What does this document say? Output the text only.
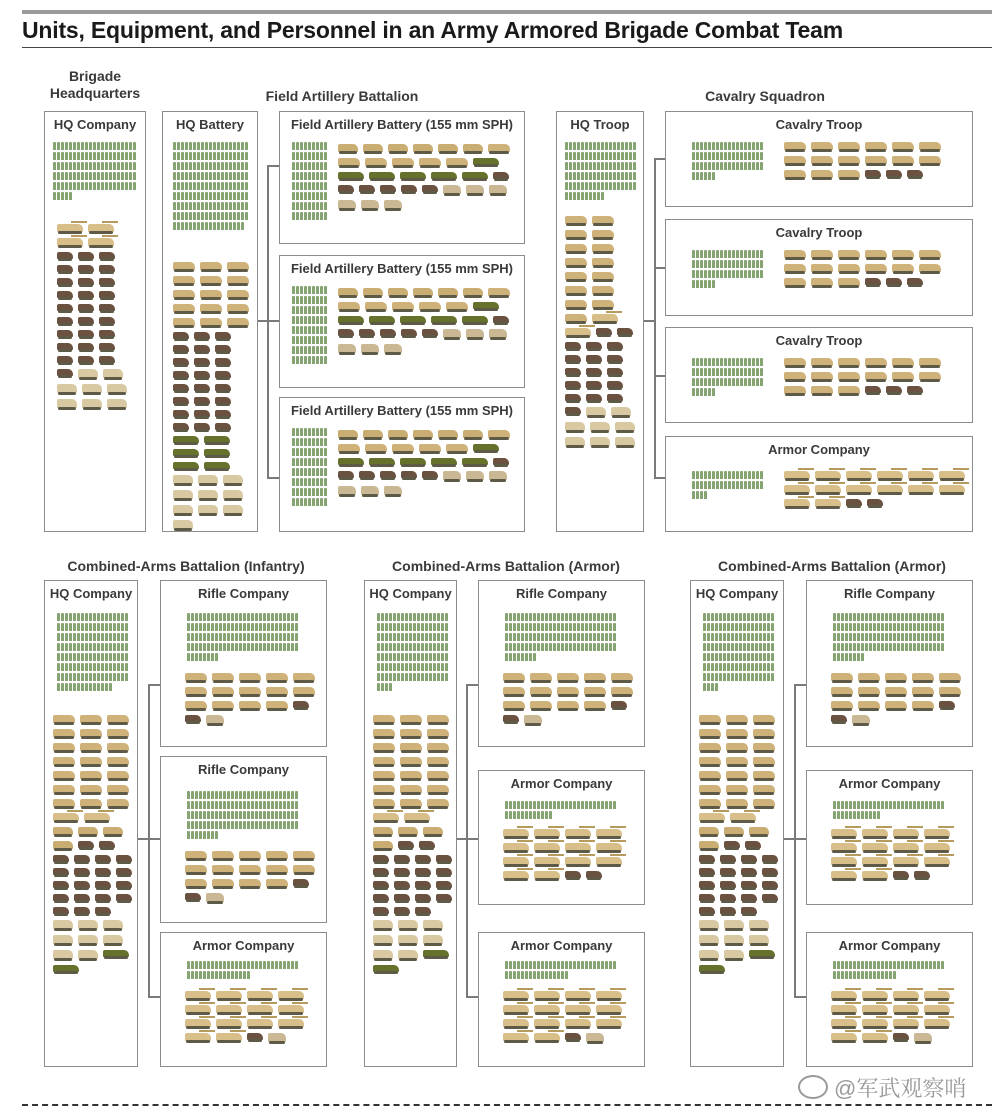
Units, Equipment, and Personnel in an Army Armored Brigade Combat Team
Brigade
Headquarters	Field Artillery Battalion	Cavalry Squadron
HQ Company	HQ Battery	Field Artillery Battery (155 mm SPH)
Field Artillery Battery (155 mm SPH)
Field Artillery Battery (155 mm SPH)
HQ Troop	Cavalry Troop
Cavalry Troop
Cavalry Troop
Armor Company
Combined-Arms Battalion (Infantry)	Combined-Arms Battalion (Armor)	Combined-Arms Battalion (Armor)
HQ Company	Rifle Company
Rifle Company
Armor Company
HQ Company	Rifle Company
Armor Company
Armor Company
HQ Company	Rifle Company
Armor Company
Armor Company
@军武观察哨
